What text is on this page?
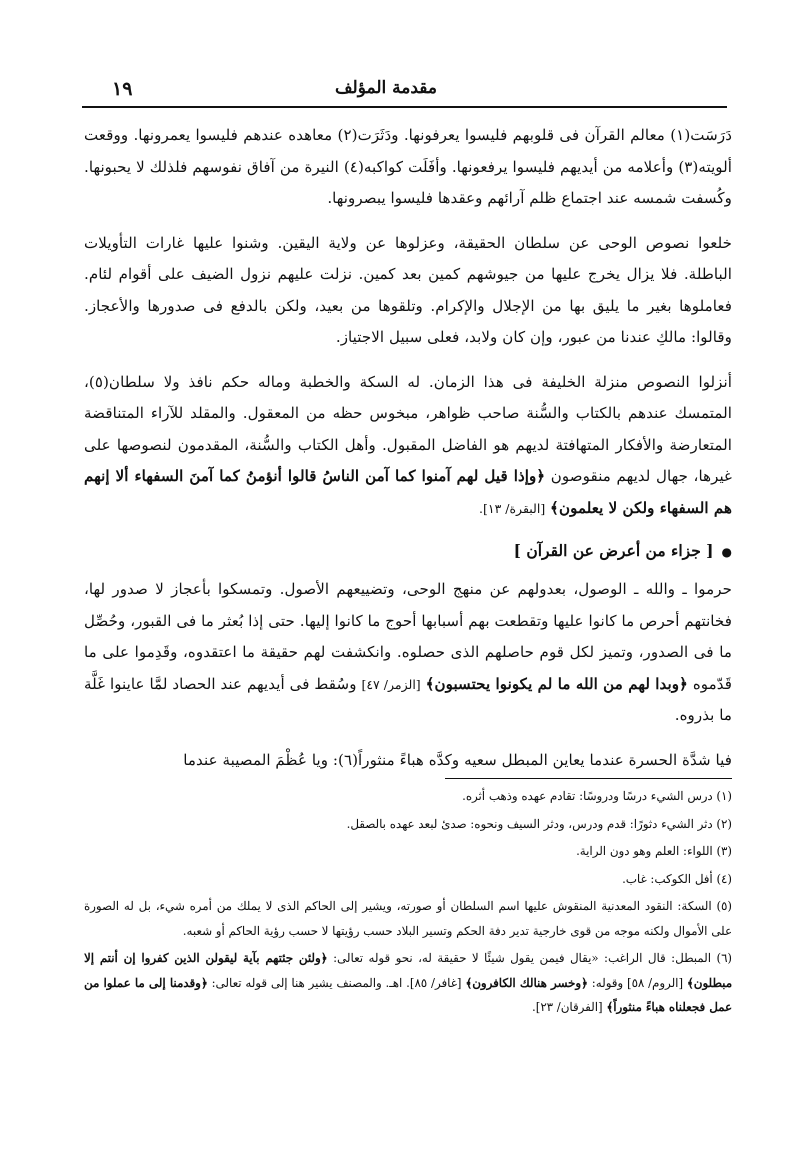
١٩	مقدمة المؤلف

دَرَسَت(١) معالم القرآن فى قلوبهم فليسوا يعرفونها. ودَثَرَت(٢) معاهده عندهم فليسوا يعمرونها. ووقعت ألويته(٣) وأعلامه من أيديهم فليسوا يرفعونها. وأفَلَت كواكبه(٤) النيرة من آفاق نفوسهم فلذلك لا يحبونها. وكُسفت شمسه عند اجتماع ظلم آرائهم وعقدها فليسوا يبصرونها.

خلعوا نصوص الوحى عن سلطان الحقيقة، وعزلوها عن ولاية اليقين. وشنوا عليها غارات التأويلات الباطلة. فلا يزال يخرج عليها من جيوشهم كمين بعد كمين. نزلت عليهم نزول الضيف على أقوام لئام. فعاملوها بغير ما يليق بها من الإجلال والإكرام. وتلقوها من بعيد، ولكن بالدفع فى صدورها والأعجاز. وقالوا: مالكِ عندنا من عبور، وإن كان ولابد، فعلى سبيل الاجتياز.

أنزلوا النصوص منزلة الخليفة فى هذا الزمان. له السكة والخطبة وماله حكم نافذ ولا سلطان(٥)، المتمسك عندهم بالكتاب والسُّنة صاحب ظواهر، مبخوس حظه من المعقول. والمقلد للآراء المتناقضة المتعارضة والأفكار المتهافتة لديهم هو الفاضل المقبول. وأهل الكتاب والسُّنة، المقدمون لنصوصها على غيرها، جهال لديهم منقوصون ﴿وإذا قيل لهم آمنوا كما آمن الناسُ قالوا أنؤمنُ كما آمنَ السفهاء ألا إنهم هم السفهاء ولكن لا يعلمون﴾ [البقرة/ ١٣].

●[ جزاء من أعرض عن القرآن ]

حرموا ـ والله ـ الوصول، بعدولهم عن منهج الوحى، وتضييعهم الأصول. وتمسكوا بأعجاز لا صدور لها، فخانتهم أحرص ما كانوا عليها وتقطعت بهم أسبابها أحوج ما كانوا إليها. حتى إذا بُعثر ما فى القبور، وحُصِّل ما فى الصدور، وتميز لكل قوم حاصلهم الذى حصلوه. وانكشفت لهم حقيقة ما اعتقدوه، وقَدِموا على ما قَدّموه ﴿وبدا لهم من الله ما لم يكونوا يحتسبون﴾ [الزمر/ ٤٧] وسُقط فى أيديهم عند الحصاد لمَّا عاينوا غَلَّة ما بذروه.

فيا شدَّة الحسرة عندما يعاين المبطل سعيه وكدَّه هباءً منثوراً(٦): ويا عُظْمَ المصيبة عندما

(١) درس الشيء درسًا ودروسًا: تقادم عهده وذهب أثره.

(٢) دثر الشيء دثورًا: قدم ودرس، ودثر السيف ونحوه: صدئ لبعد عهده بالصقل.

(٣) اللواء: العلم وهو دون الراية.

(٤) أفل الكوكب: غاب.

(٥) السكة: النقود المعدنية المنقوش عليها اسم السلطان أو صورته، ويشير إلى الحاكم الذى لا يملك من أمره شيء، بل له الصورة على الأموال ولكنه موجه من قوى خارجية تدير دفة الحكم وتسير البلاد حسب رؤيتها لا حسب رؤية الحاكم أو شعبه.

(٦) المبطل: قال الراغب: «يقال فيمن يقول شيئًا لا حقيقة له، نحو قوله تعالى: ﴿ولئن جئتهم بآية ليقولن الذين كفروا إن أنتم إلا مبطلون﴾ [الروم/ ٥٨] وقوله: ﴿وخسر هنالك الكافرون﴾ [غافر/ ٨٥]. اهـ. والمصنف يشير هنا إلى قوله تعالى: ﴿وقدمنا إلى ما عملوا من عمل فجعلناه هباءً منثوراً﴾ [الفرقان/ ٢٣].
